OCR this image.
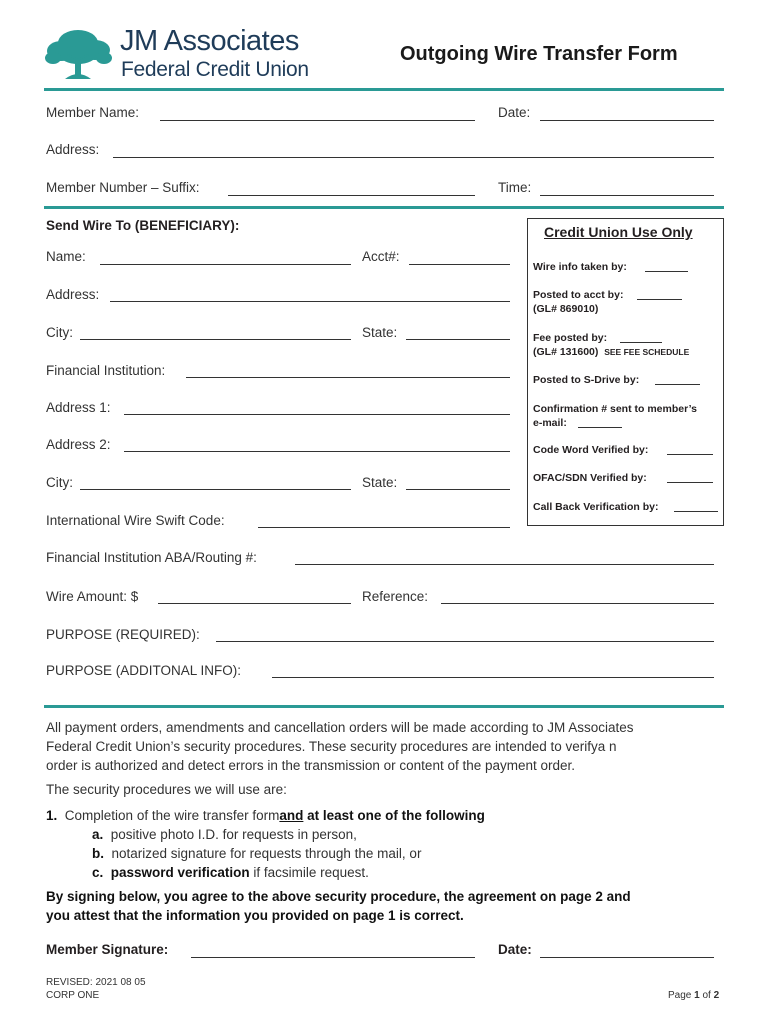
JM Associates
Federal Credit Union
Outgoing Wire Transfer Form
Member Name:	Date:
Address:
Member Number – Suffix:	Time:
Send Wire To (BENEFICIARY):
Name:	Acct#:
Address:
City:	State:
Financial Institution:
Address 1:
Address 2:
City:	State:
International Wire Swift Code:
Credit Union Use Only
Wire info taken by:
Posted to acct by:
(GL# 869010)
Fee posted by:
(GL# 131600) SEE FEE SCHEDULE
Posted to S-Drive by:
Confirmation # sent to member’s
e-mail:
Code Word Verified by:
OFAC/SDN Verified by:
Call Back Verification by:
Financial Institution ABA/Routing #:
Wire Amount: $	Reference:
PURPOSE (REQUIRED):
PURPOSE (ADDITONAL INFO):
All payment orders, amendments and cancellation orders will be made according to JM Associates
Federal Credit Union’s security procedures. These security procedures are intended to verifya n
order is authorized and detect errors in the transmission or content of the payment order.
The security procedures we will use are:
1. Completion of the wire transfer formand at least one of the following
a. positive photo I.D. for requests in person,
b. notarized signature for requests through the mail, or
c. password verification if facsimile request.
By signing below, you agree to the above security procedure, the agreement on page 2 and
you attest that the information you provided on page 1 is correct.
Member Signature:	Date:
REVISED: 2021 08 05
CORP ONE	Page 1 of 2
